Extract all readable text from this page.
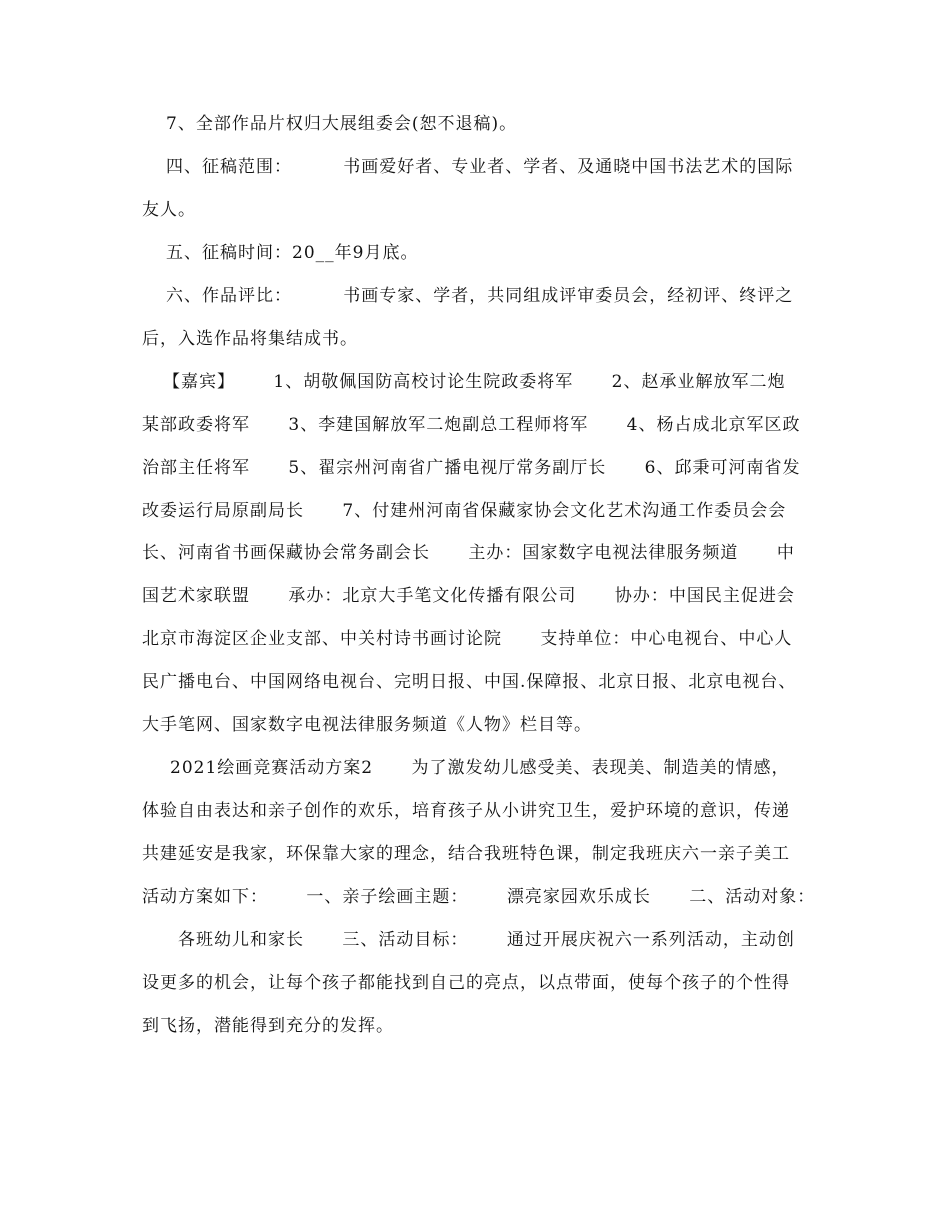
7、全部作品片权归大展组委会(恕不退稿)。
四、征稿范围：        书画爱好者、专业者、学者、及通晓中国书法艺术的国际
友人。
五、征稿时间：20__年9月底。
六、作品评比：        书画专家、学者，共同组成评审委员会，经初评、终评之
后，入选作品将集结成书。
【嘉宾】      1、胡敬佩国防高校讨论生院政委将军      2、赵承业解放军二炮
某部政委将军      3、李建国解放军二炮副总工程师将军      4、杨占成北京军区政
治部主任将军      5、翟宗州河南省广播电视厅常务副厅长      6、邱秉可河南省发
改委运行局原副局长      7、付建州河南省保藏家协会文化艺术沟通工作委员会会
长、河南省书画保藏协会常务副会长      主办：国家数字电视法律服务频道      中
国艺术家联盟      承办：北京大手笔文化传播有限公司      协办：中国民主促进会
北京市海淀区企业支部、中关村诗书画讨论院      支持单位：中心电视台、中心人
民广播电台、中国网络电视台、完明日报、中国.保障报、北京日报、北京电视台、
大手笔网、国家数字电视法律服务频道《人物》栏目等。
2021绘画竞赛活动方案2      为了激发幼儿感受美、表现美、制造美的情感，
体验自由表达和亲子创作的欢乐，培育孩子从小讲究卫生，爱护环境的意识，传递
共建延安是我家，环保靠大家的理念，结合我班特色课，制定我班庆六一亲子美工
活动方案如下：      一、亲子绘画主题：      漂亮家园欢乐成长      二、活动对象：
各班幼儿和家长      三、活动目标：      通过开展庆祝六一系列活动，主动创
设更多的机会，让每个孩子都能找到自己的亮点，以点带面，使每个孩子的个性得
到飞扬，潜能得到充分的发挥。
